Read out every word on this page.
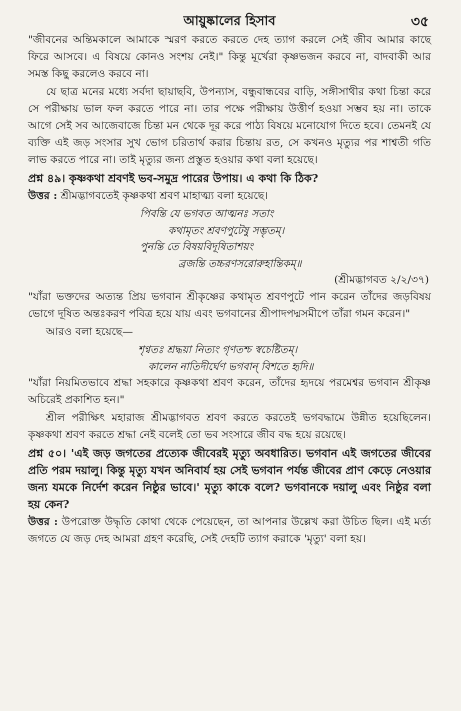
আয়ুষ্কালের হিসাব	৩৫

"জীবনের অন্তিমকালে আমাকে স্মরণ করতে করতে দেহ ত্যাগ করলে সেই জীব আমার কাছে ফিরে আসবে। এ বিষয়ে কোনও সংশয় নেই।" কিন্তু মূর্খেরা কৃষ্ণভজন করবে না, বাদবাকী আর সমস্ত কিছু করলেও করবে না।

যে ছাত্র মনের মধ্যে সর্বদা ছায়াছবি, উপন্যাস, বন্ধুবান্ধবের বাড়ি, সঙ্গীসাথীর কথা চিন্তা করে সে পরীক্ষায় ভাল ফল করতে পারে না। তার পক্ষে পরীক্ষায় উত্তীর্ণ হওয়া সম্ভব হয় না। তাকে আগে সেই সব আজেবাজে চিন্তা মন থেকে দূর করে পাঠ্য বিষয়ে মনোযোগ দিতে হবে। তেমনই যে ব্যক্তি এই জড় সংসার সুখ ভোগ চরিতার্থ করার চিন্তায় রত, সে কখনও মৃত্যুর পর শাশ্বতী গতি লাভ করতে পারে না। তাই মৃত্যুর জন্য প্রস্তুত হওয়ার কথা বলা হয়েছে।

প্রশ্ন ৪৯। কৃষ্ণকথা শ্রবণই ভব-সমুদ্র পারের উপায়। এ কথা কি ঠিক?

উত্তর : শ্রীমদ্ভাগবতেই কৃষ্ণকথা শ্রবণ মাহাত্ম্য বলা হয়েছে।

পিবন্তি যে ভগবত আত্মনঃ সতাং

কথামৃতং শ্রবণপুটেষু সম্ভৃতম্।

পুনন্তি তে বিষয়বিদূষিতাশয়ং

ব্রজন্তি তচ্চরণসরোরুহান্তিকম্॥

(শ্রীমদ্ভাগবত ২/২/৩৭)

"যাঁরা ভক্তদের অত্যন্ত প্রিয় ভগবান শ্রীকৃষ্ণের কথামৃত শ্রবণপুটে পান করেন তাঁদের জড়বিষয় ভোগে দূষিত অন্তঃকরণ পবিত্র হয়ে যায় এবং ভগবানের শ্রীপাদপদ্মসমীপে তাঁরা গমন করেন।"

আরও বলা হয়েছে—

শৃণ্বতঃ শ্রদ্ধয়া নিত্যং গৃণতশ্চ স্বচেষ্টিতম্।

কালেন নাতিদীর্ঘেণ ভগবান্ বিশতে হৃদি॥

"যাঁরা নিয়মিতভাবে শ্রদ্ধা সহকারে কৃষ্ণকথা শ্রবণ করেন, তাঁদের হৃদয়ে পরমেশ্বর ভগবান শ্রীকৃষ্ণ অচিরেই প্রকাশিত হন।"

শ্রীল পরীক্ষিৎ মহারাজ শ্রীমদ্ভাগবত শ্রবণ করতে করতেই ভগবদ্ধামে উন্নীত হয়েছিলেন। কৃষ্ণকথা শ্রবণ করতে শ্রদ্ধা নেই বলেই তো ভব সংসারে জীব বদ্ধ হয়ে রয়েছে।

প্রশ্ন ৫০। 'এই জড় জগতের প্রত্যেক জীবেরই মৃত্যু অবধারিত। ভগবান এই জগতের জীবের প্রতি পরম দয়ালু। কিন্তু মৃত্যু যখন অনিবার্য হয় সেই ভগবান পর্যন্ত জীবের প্রাণ কেড়ে নেওয়ার জন্য যমকে নির্দেশ করেন নিষ্ঠুর ভাবে।' মৃত্যু কাকে বলে? ভগবানকে দয়ালু এবং নিষ্ঠুর বলা হয় কেন?

উত্তর : উপরোক্ত উদ্ধৃতি কোথা থেকে পেয়েছেন, তা আপনার উল্লেখ করা উচিত ছিল। এই মর্ত্য জগতে যে জড় দেহ আমরা গ্রহণ করেছি, সেই দেহটি ত্যাগ করাকে 'মৃত্যু' বলা হয়।
